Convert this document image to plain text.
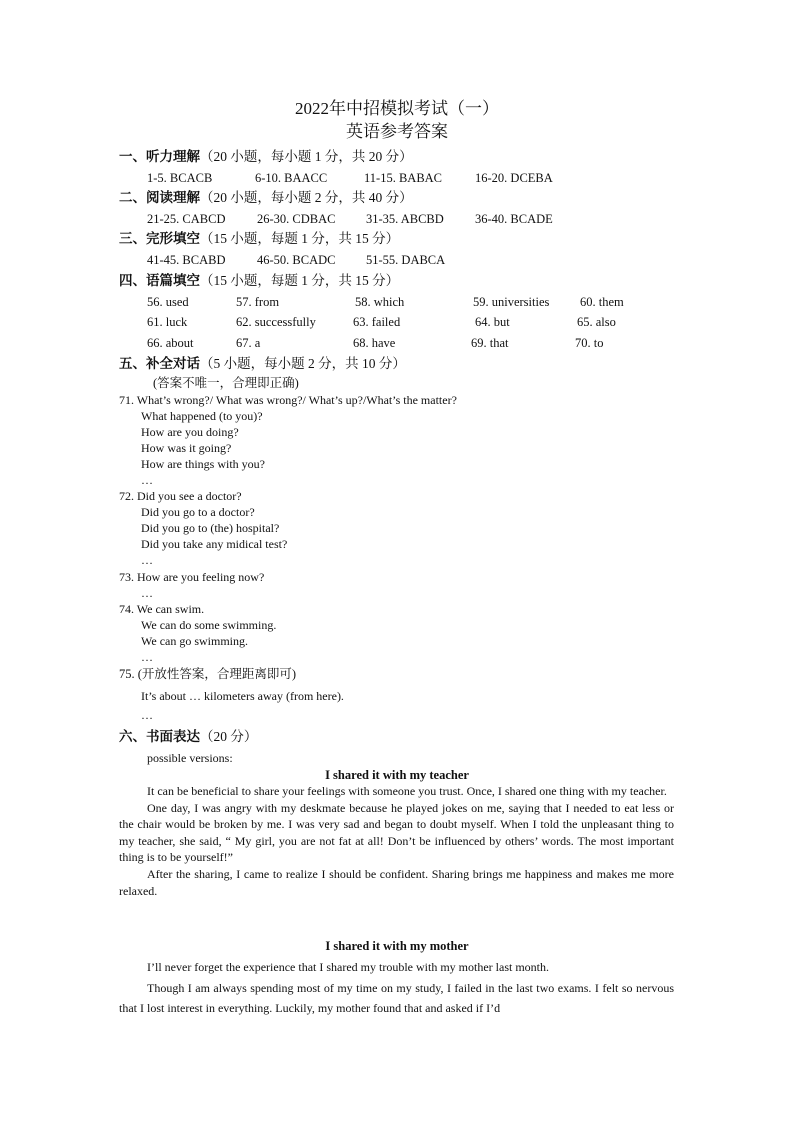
2022年中招模拟考试（一）
英语参考答案
一、听力理解（20 小题，每小题 1 分，共 20 分）
1-5. BCACB	6-10. BAACC	11-15. BABAC	16-20. DCEBA
二、阅读理解（20 小题，每小题 2 分，共 40 分）
21-25. CABCD	26-30. CDBAC 31-35. ABCBD 36-40. BCADE
三、完形填空（15 小题，每题 1 分，共 15 分）
41-45. BCABD	46-50. BCADC 51-55. DABCA
四、语篇填空（15 小题，每题 1 分，共 15 分）
56. used	57. from	58. which	59. universities 60. them
61. luck	62. successfully	63. failed	64. but	65. also
66. about	67. a	68. have	69. that	70. to
五、补全对话（5 小题，每小题 2 分，共 10 分）
(答案不唯一，合理即正确)
71. What’s wrong?/ What was wrong?/ What’s up?/What’s the matter?
What happened (to you)?
How are you doing?
How was it going?
How are things with you?
…
72. Did you see a doctor?
Did you go to a doctor?
Did you go to (the) hospital?
Did you take any midical test?
…
73. How are you feeling now?
…
74. We can swim.
We can do some swimming.
We can go swimming.
…
75. (开放性答案，合理距离即可)
It’s about … kilometers away (from here).
…
六、书面表达（20 分）
possible versions:
I shared it with my teacher

It can be beneficial to share your feelings with someone you trust. Once, I shared one thing with my teacher.

One day, I was angry with my deskmate because he played jokes on me, saying that I needed to eat less or the chair would be broken by me. I was very sad and began to doubt myself. When I told the unpleasant thing to my teacher, she said, “ My girl, you are not fat at all! Don’t be influenced by others’ words. The most important thing is to be yourself!”

After the sharing, I came to realize I should be confident. Sharing brings me happiness and makes me more relaxed.

I shared it with my mother

I’ll never forget the experience that I shared my trouble with my mother last month.

Though I am always spending most of my time on my study, I failed in the last two exams. I felt so nervous that I lost interest in everything. Luckily, my mother found that and asked if I’d
